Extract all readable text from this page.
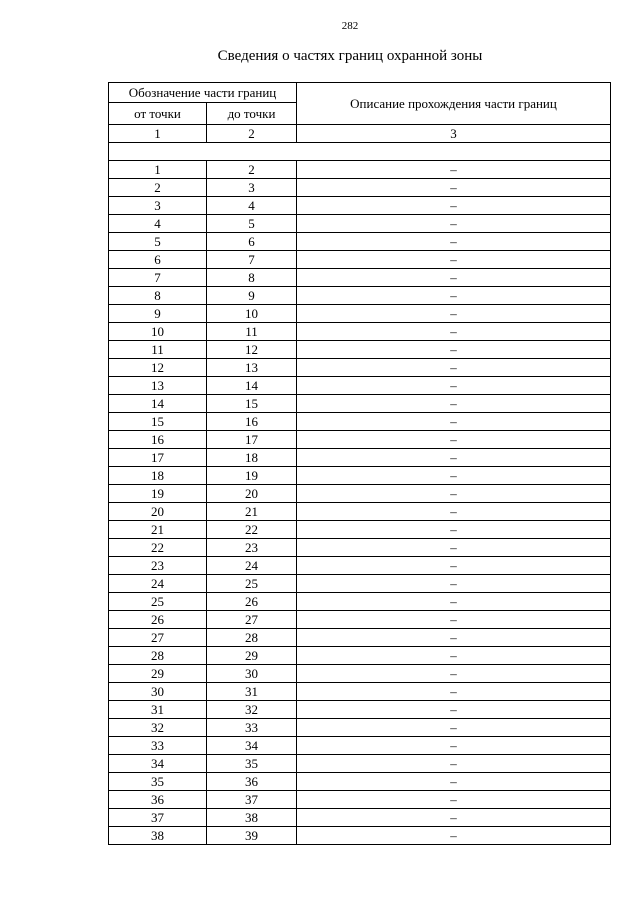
282
Сведения о частях границ охранной зоны
Обозначение части границ		Описание прохождения части границ
от точки	до точки	
1	2	3

1	2	–
2	3	–
3	4	–
4	5	–
5	6	–
6	7	–
7	8	–
8	9	–
9	10	–
10	11	–
11	12	–
12	13	–
13	14	–
14	15	–
15	16	–
16	17	–
17	18	–
18	19	–
19	20	–
20	21	–
21	22	–
22	23	–
23	24	–
24	25	–
25	26	–
26	27	–
27	28	–
28	29	–
29	30	–
30	31	–
31	32	–
32	33	–
33	34	–
34	35	–
35	36	–
36	37	–
37	38	–
38	39	–
